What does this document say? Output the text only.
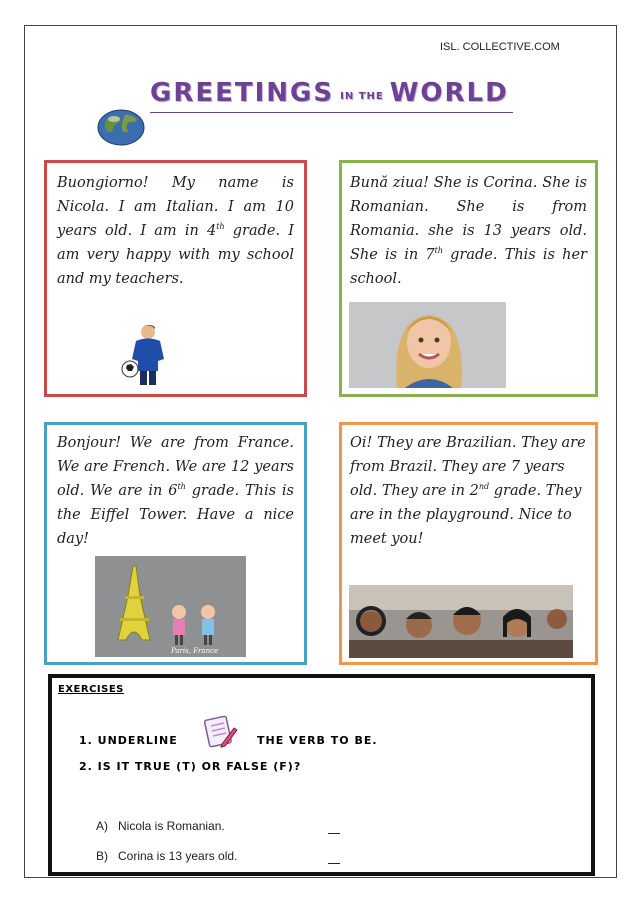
ISL. COLLECTIVE.COM
GREETINGS IN THE WORLD

Buongiorno! My name is Nicola. I am Italian. I am 10 years old. I am in 4th grade. I am very happy with my school and my teachers.

Bună ziua! She is Corina. She is Romanian. She is from Romania. she is 13 years old. She is in 7th grade. This is her school.

Bonjour! We are from France. We are French. We are 12 years old. We are in 6th grade. This is the Eiffel Tower. Have a nice day!

Paris, France

Oi! They are Brazilian. They are from Brazil. They are 7 years old. They are in 2nd grade. They are in the playground. Nice to meet you!

EXERCISES
1. UNDERLINE	THE VERB TO BE.
2. IS IT TRUE (T) OR FALSE (F)?
A) Nicola is Romanian.
B) Corina is 13 years old.
